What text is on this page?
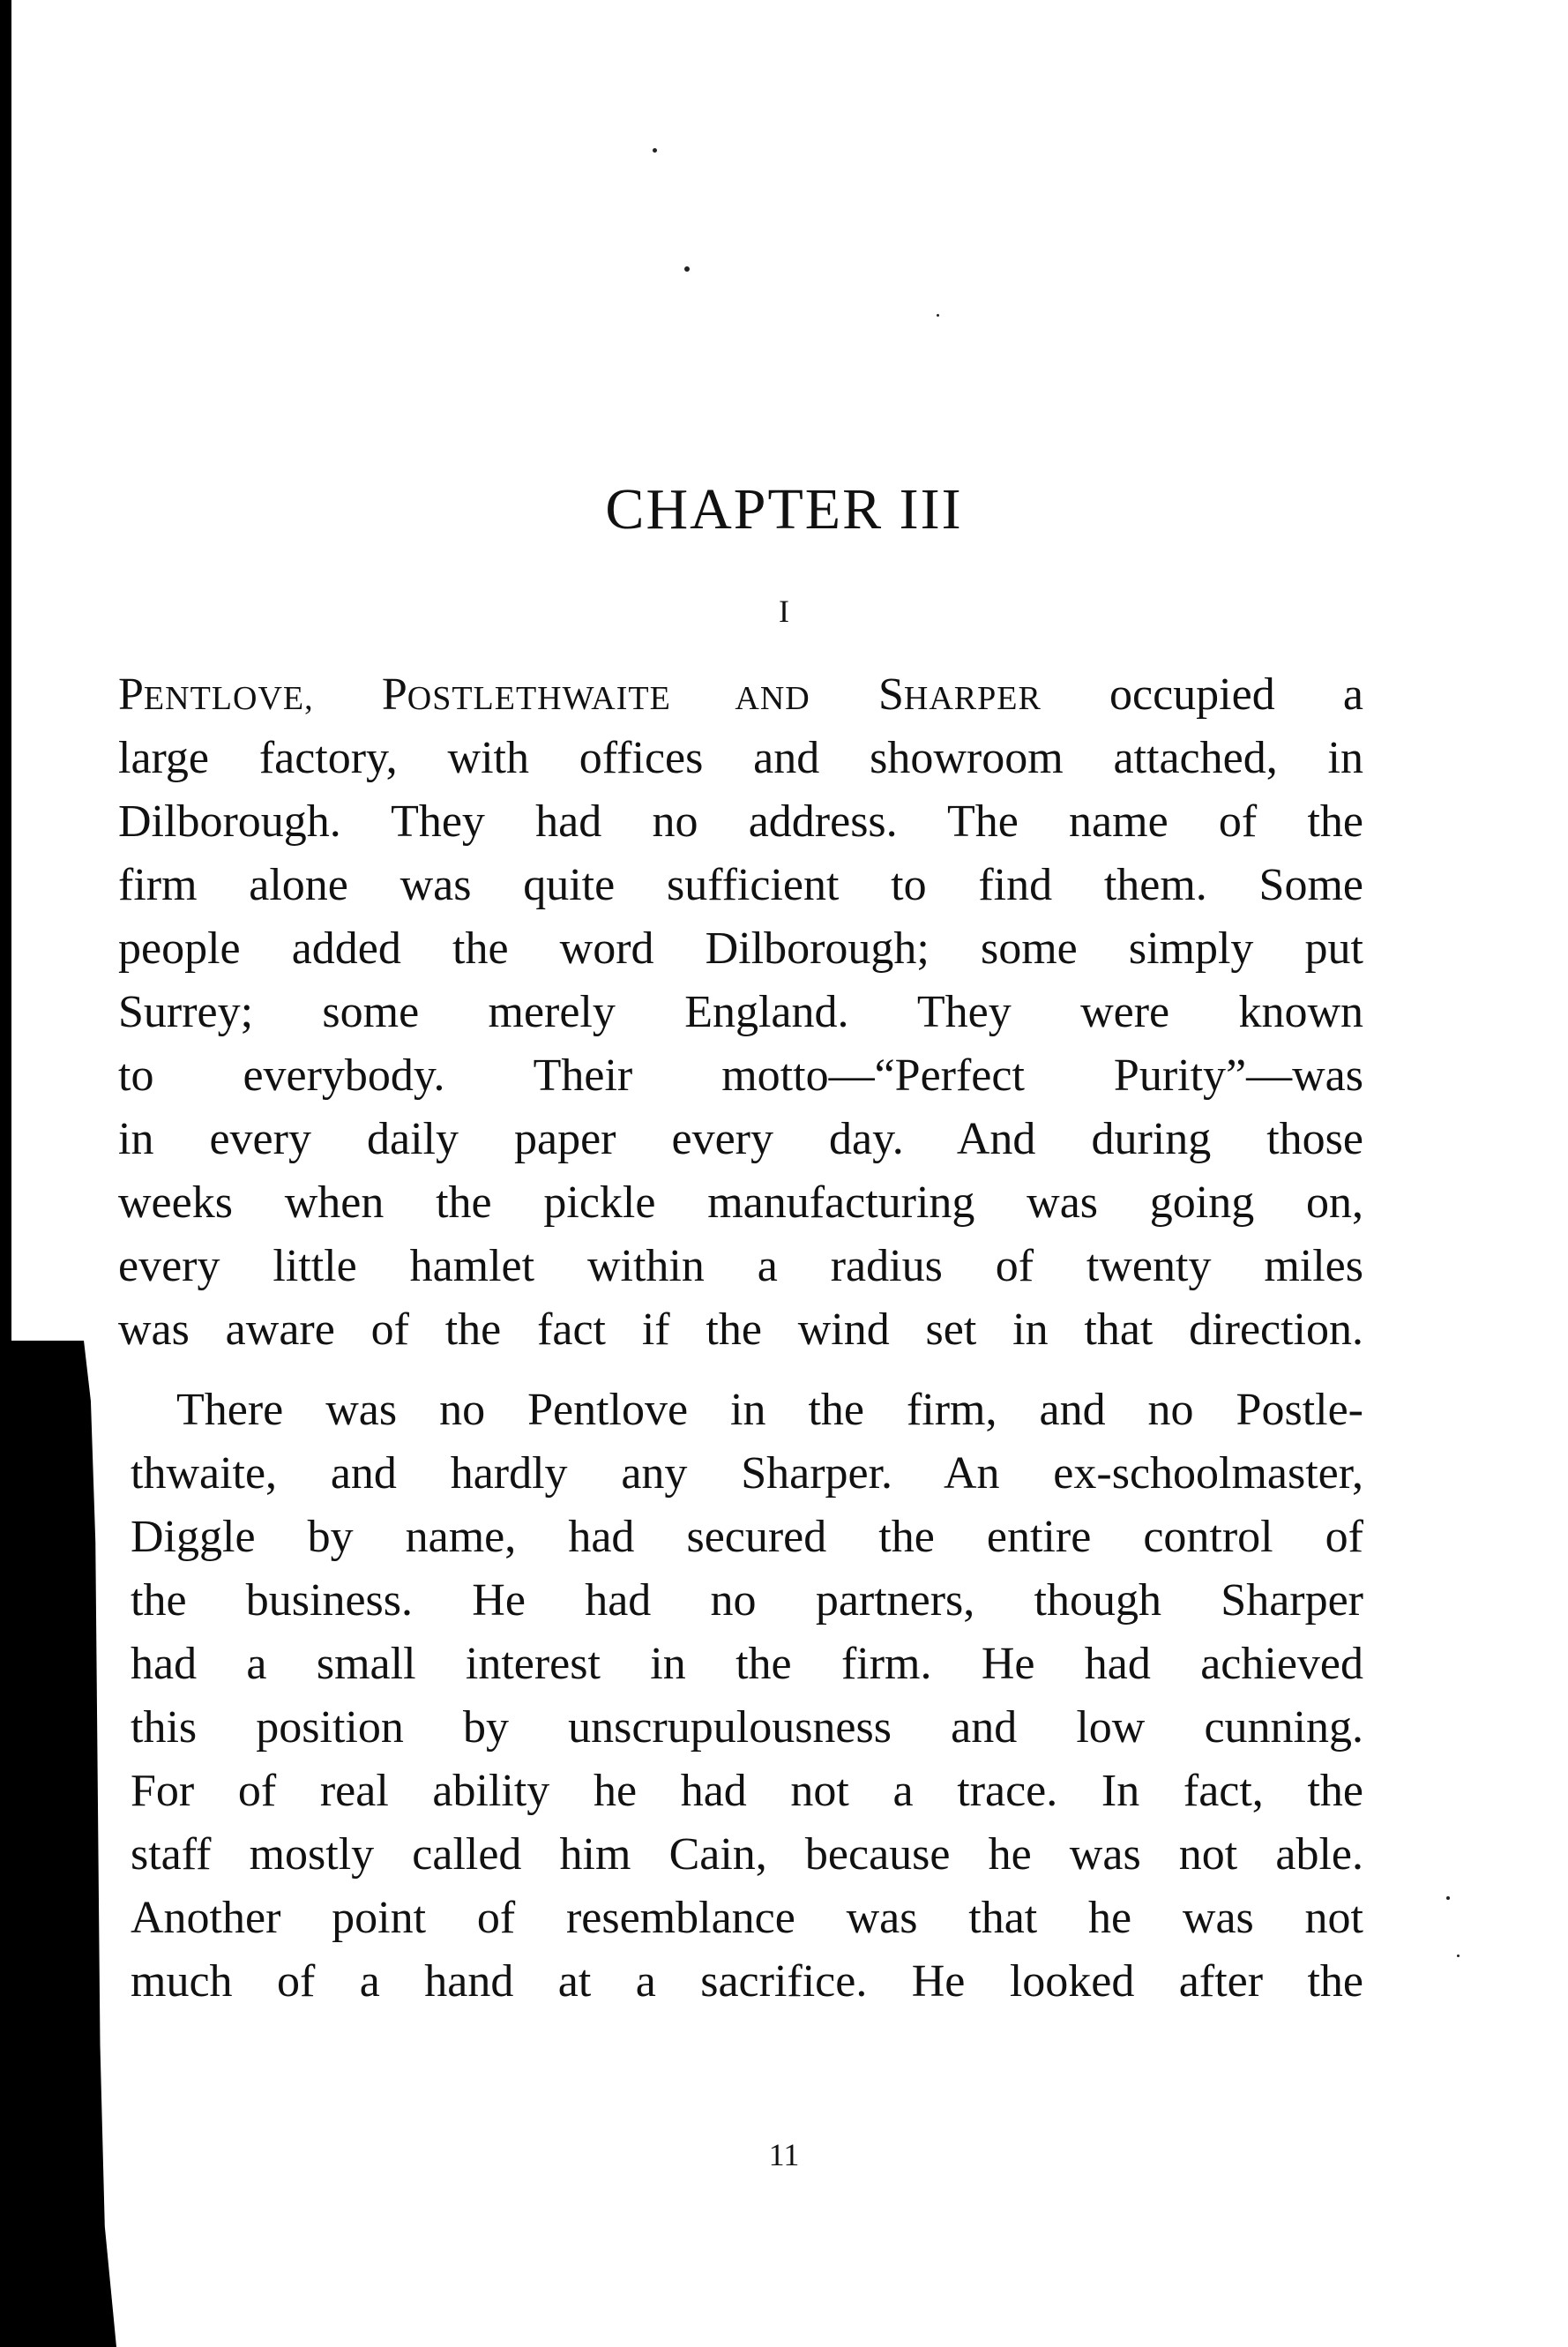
CHAPTER III
I
PENTLOVE, POSTLETHWAITE AND SHARPER occupied a
large factory, with offices and showroom attached, in
Dilborough. They had no address. The name of the
firm alone was quite sufficient to find them. Some
people added the word Dilborough; some simply put
Surrey; some merely England. They were known
to everybody. Their motto—“Perfect Purity”—was
in every daily paper every day. And during those
weeks when the pickle manufacturing was going on,
every little hamlet within a radius of twenty miles
was aware of the fact if the wind set in that direction.
There was no Pentlove in the firm, and no Postle-
thwaite, and hardly any Sharper. An ex-schoolmaster,
Diggle by name, had secured the entire control of
the business. He had no partners, though Sharper
had a small interest in the firm. He had achieved
this position by unscrupulousness and low cunning.
For of real ability he had not a trace. In fact, the
staff mostly called him Cain, because he was not able.
Another point of resemblance was that he was not
much of a hand at a sacrifice. He looked after the
11
